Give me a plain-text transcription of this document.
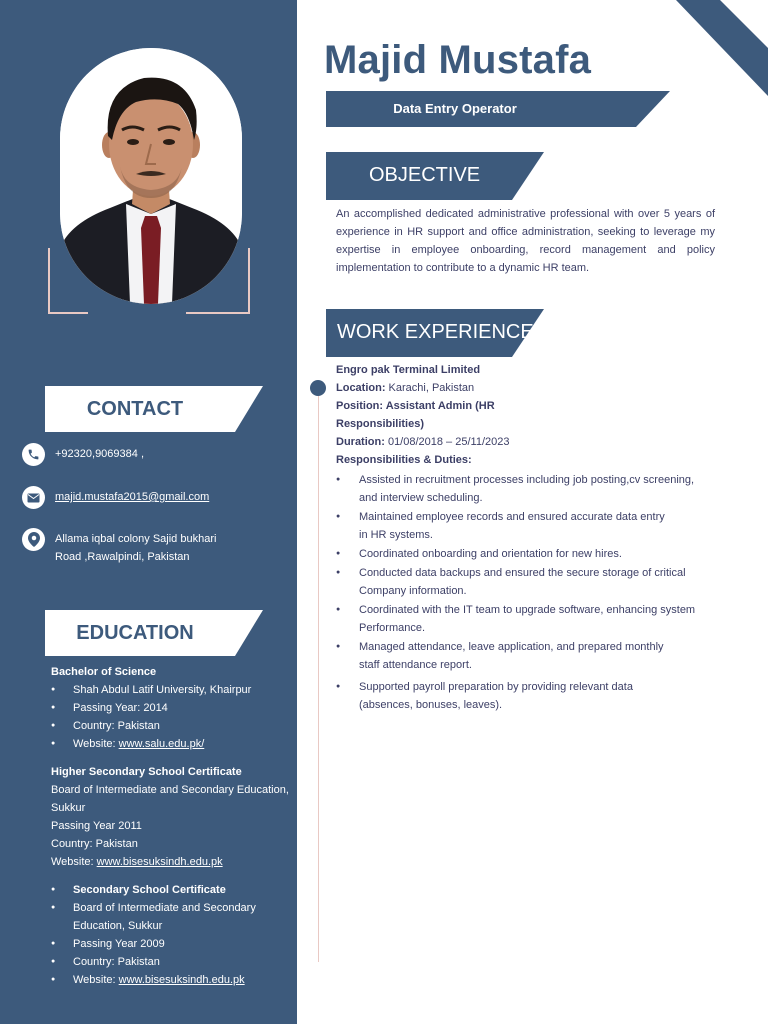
CONTACT
+92320,9069384 ,
majid.mustafa2015@gmail.com
Allama iqbal colony Sajid bukhari
Road ,Rawalpindi, Pakistan
EDUCATION
Bachelor of Science
● Shah Abdul Latif University, Khairpur
● Passing Year: 2014
● Country: Pakistan
● Website: www.salu.edu.pk/
Higher Secondary School Certificate
Board of Intermediate and Secondary Education, Sukkur
Passing Year 2011
Country: Pakistan
Website: www.bisesuksindh.edu.pk
● Secondary School Certificate
● Board of Intermediate and Secondary
Education, Sukkur
● Passing Year 2009
● Country: Pakistan
● Website: www.bisesuksindh.edu.pk
Majid Mustafa
Data Entry Operator
OBJECTIVE
An accomplished dedicated administrative professional with over 5 years of experience in HR support and office administration, seeking to leverage my expertise in employee onboarding, record management and policy implementation to contribute to a dynamic HR team.
WORK EXPERIENCE
Engro pak Terminal Limited
Location: Karachi, Pakistan
Position: Assistant Admin (HR
Responsibilities)
Duration: 01/08/2018 – 25/11/2023
Responsibilities & Duties:
● Assisted in recruitment processes including job posting,cv screening,
and interview scheduling.
● Maintained employee records and ensured accurate data entry
in HR systems.
● Coordinated onboarding and orientation for new hires.
● Conducted data backups and ensured the secure storage of critical
Company information.
● Coordinated with the IT team to upgrade software, enhancing system
Performance.
● Managed attendance, leave application, and prepared monthly
staff attendance report.
● Supported payroll preparation by providing relevant data
(absences, bonuses, leaves).
